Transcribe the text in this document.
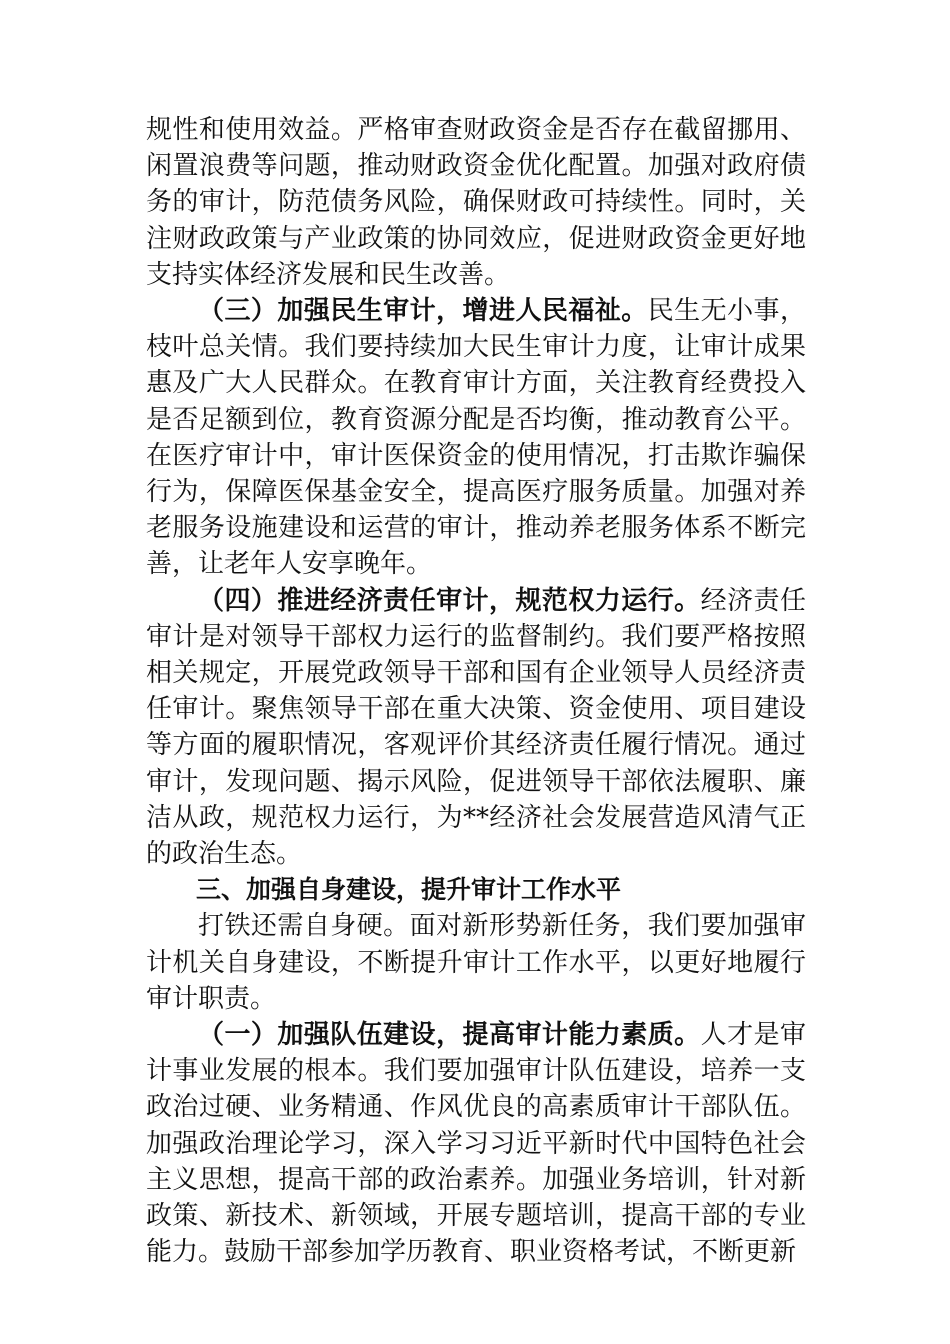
规性和使用效益。严格审查财政资金是否存在截留挪用、闲置浪费等问题，推动财政资金优化配置。加强对政府债务的审计，防范债务风险，确保财政可持续性。同时，关注财政政策与产业政策的协同效应，促进财政资金更好地支持实体经济发展和民生改善。

（三）加强民生审计，增进人民福祉。民生无小事，枝叶总关情。我们要持续加大民生审计力度，让审计成果惠及广大人民群众。在教育审计方面，关注教育经费投入是否足额到位，教育资源分配是否均衡，推动教育公平。在医疗审计中，审计医保资金的使用情况，打击欺诈骗保行为，保障医保基金安全，提高医疗服务质量。加强对养老服务设施建设和运营的审计，推动养老服务体系不断完善，让老年人安享晚年。

（四）推进经济责任审计，规范权力运行。经济责任审计是对领导干部权力运行的监督制约。我们要严格按照相关规定，开展党政领导干部和国有企业领导人员经济责任审计。聚焦领导干部在重大决策、资金使用、项目建设等方面的履职情况，客观评价其经济责任履行情况。通过审计，发现问题、揭示风险，促进领导干部依法履职、廉洁从政，规范权力运行，为**经济社会发展营造风清气正的政治生态。

三、加强自身建设，提升审计工作水平

打铁还需自身硬。面对新形势新任务，我们要加强审计机关自身建设，不断提升审计工作水平，以更好地履行审计职责。

（一）加强队伍建设，提高审计能力素质。人才是审计事业发展的根本。我们要加强审计队伍建设，培养一支政治过硬、业务精通、作风优良的高素质审计干部队伍。加强政治理论学习，深入学习习近平新时代中国特色社会主义思想，提高干部的政治素养。加强业务培训，针对新政策、新技术、新领域，开展专题培训，提高干部的专业能力。鼓励干部参加学历教育、职业资格考试，不断更新
